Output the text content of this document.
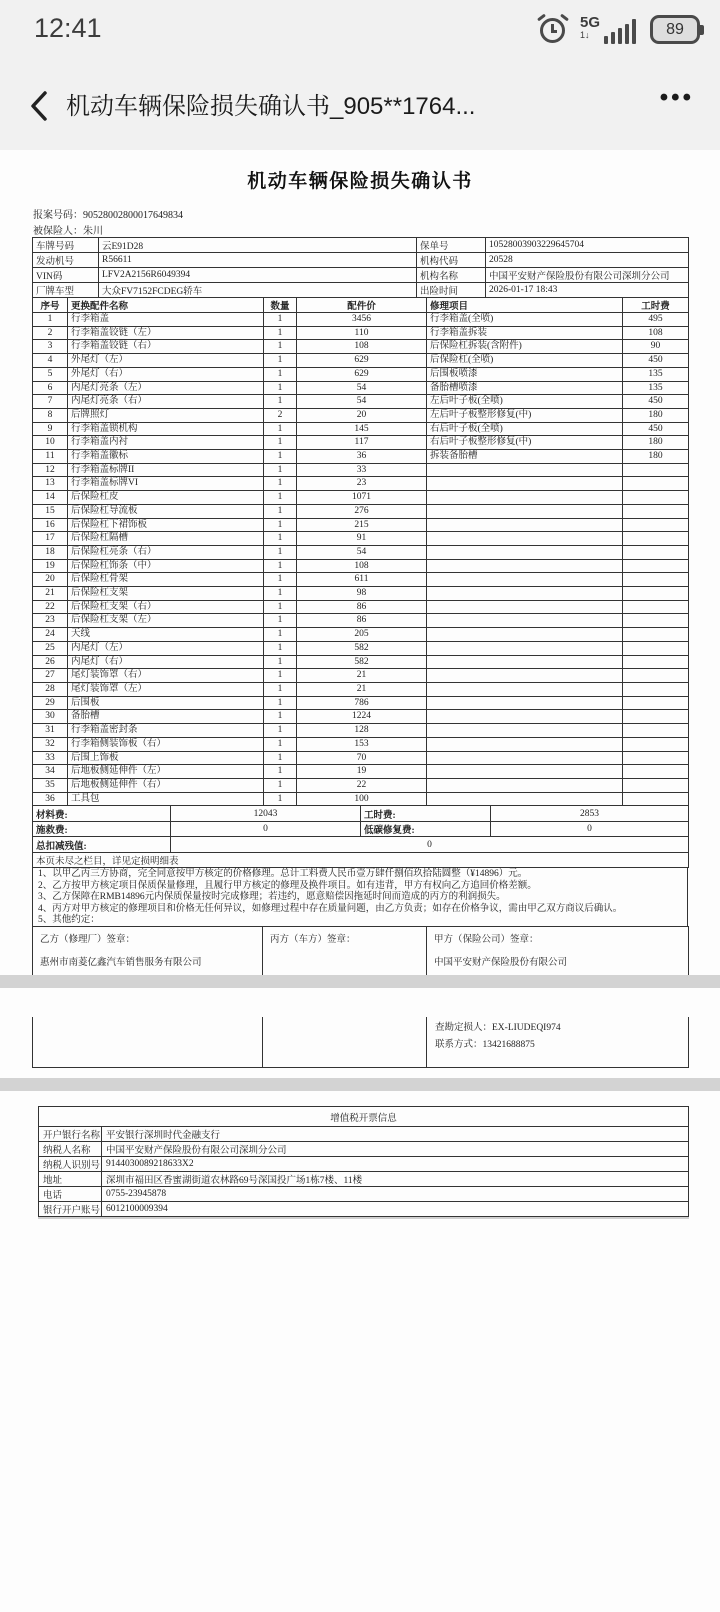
12:41	5G
1↓	89
机动车辆保险损失确认书_905**1764...	•••
机动车辆保险损失确认书
报案号码：90528002800017649834
被保险人：朱川
车牌号码	云E91D28	保单号	10528003903229645704
发动机号	R56611	机构代码	20528
VIN码	LFV2A2156R6049394	机构名称	中国平安财产保险股份有限公司深圳分公司
厂牌车型	大众FV7152FCDEG轿车	出险时间	2026-01-17 18:43
序号	更换配件名称	数量	配件价	修理项目	工时费
1	行李箱盖	1	3456	行李箱盖(全喷)	495
2	行李箱盖铰链（左）	1	110	行李箱盖拆装	108
3	行李箱盖铰链（右）	1	108	后保险杠拆装(含附件)	90
4	外尾灯（左）	1	629	后保险杠(全喷)	450
5	外尾灯（右）	1	629	后围板喷漆	135
6	内尾灯亮条（左）	1	54	备胎槽喷漆	135
7	内尾灯亮条（右）	1	54	左后叶子板(全喷)	450
8	后牌照灯	2	20	左后叶子板整形修复(中)	180
9	行李箱盖锁机构	1	145	右后叶子板(全喷)	450
10	行李箱盖内衬	1	117	右后叶子板整形修复(中)	180
11	行李箱盖徽标	1	36	拆装备胎槽	180
12	行李箱盖标牌II	1	33		
13	行李箱盖标牌VI	1	23		
14	后保险杠皮	1	1071		
15	后保险杠导流板	1	276		
16	后保险杠下裙饰板	1	215		
17	后保险杠隔槽	1	91		
18	后保险杠亮条（右）	1	54		
19	后保险杠饰条（中）	1	108		
20	后保险杠骨架	1	611		
21	后保险杠支架	1	98		
22	后保险杠支架（右）	1	86		
23	后保险杠支架（左）	1	86		
24	天线	1	205		
25	内尾灯（左）	1	582		
26	内尾灯（右）	1	582		
27	尾灯装饰罩（右）	1	21		
28	尾灯装饰罩（左）	1	21		
29	后围板	1	786		
30	备胎槽	1	1224		
31	行李箱盖密封条	1	128		
32	行李箱侧装饰板（右）	1	153		
33	后围上饰板	1	70		
34	后地板侧延伸件（左）	1	19		
35	后地板侧延伸件（右）	1	22		
36	工具包	1	100		
材料费:	12043	工时费:	2853
施救费:	0	低碳修复费:	0
总扣减残值:	0		
本页未尽之栏目，详见定损明细表			
1、以甲乙丙三方协商，完全同意按甲方核定的价格修理。总计工料费人民币壹万肆仟捌佰玖拾陆圆整（¥14896）元。
2、乙方按甲方核定项目保质保量修理，且履行甲方核定的修理及换件项目。如有违背，甲方有权向乙方追回价格差额。
3、乙方保障在RMB14896元内保质保量按时完成修理；若违约，愿意赔偿因拖延时间而造成的丙方的利润损失。
4、丙方对甲方核定的修理项目和价格无任何异议，如修理过程中存在质量问题，由乙方负责；如存在价格争议，需由甲乙双方商议后确认。
5、其他约定：
乙方（修理厂）签章：
惠州市南菱亿鑫汽车销售服务有限公司

丙方（车方）签章：	甲方（保险公司）签章：
中国平安财产保险股份有限公司

查勘定损人：EX-LIUDEQI974
联系方式：13421688875
增值税开票信息	
开户银行名称	平安银行深圳时代金融支行
纳税人名称	中国平安财产保险股份有限公司深圳分公司
纳税人识别号	9144030089218633X2
地址	深圳市福田区香蜜湖街道农林路69号深国投广场1栋7楼、11楼
电话	0755-23945878
银行开户账号	6012100009394
